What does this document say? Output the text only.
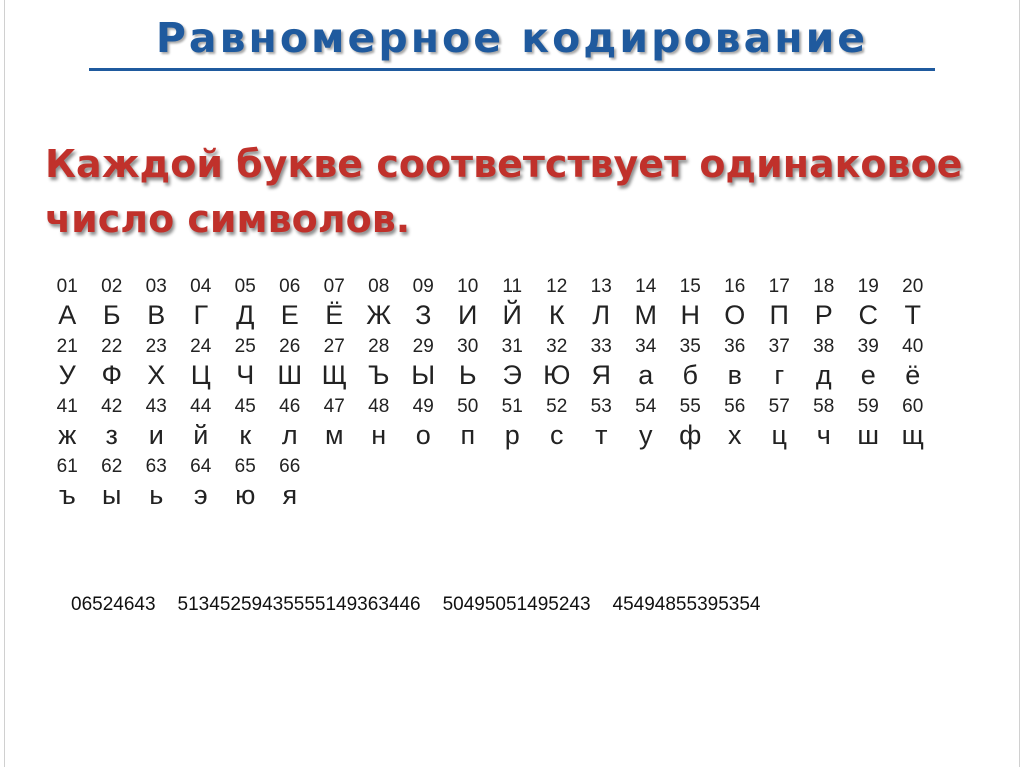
Равномерное кодирование
Каждой букве соответствует одинаковое
число символов.
01
А
02
Б
03
В
04
Г
05
Д
06
Е
07
Ё
08
Ж
09
З
10
И
11
Й
12
К
13
Л
14
М
15
Н
16
О
17
П
18
Р
19
С
20
Т
21
У
22
Ф
23
Х
24
Ц
25
Ч
26
Ш
27
Щ
28
Ъ
29
Ы
30
Ь
31
Э
32
Ю
33
Я
34
а
35
б
36
в
37
г
38
д
39
е
40
ё
41
ж
42
з
43
и
44
й
45
к
46
л
47
м
48
н
49
о
50
п
51
р
52
с
53
т
54
у
55
ф
56
х
57
ц
58
ч
59
ш
60
щ
61
ъ
62
ы
63
ь
64
э
65
ю
66
я
06524643 51345259435555149363446 50495051495243 45494855395354
